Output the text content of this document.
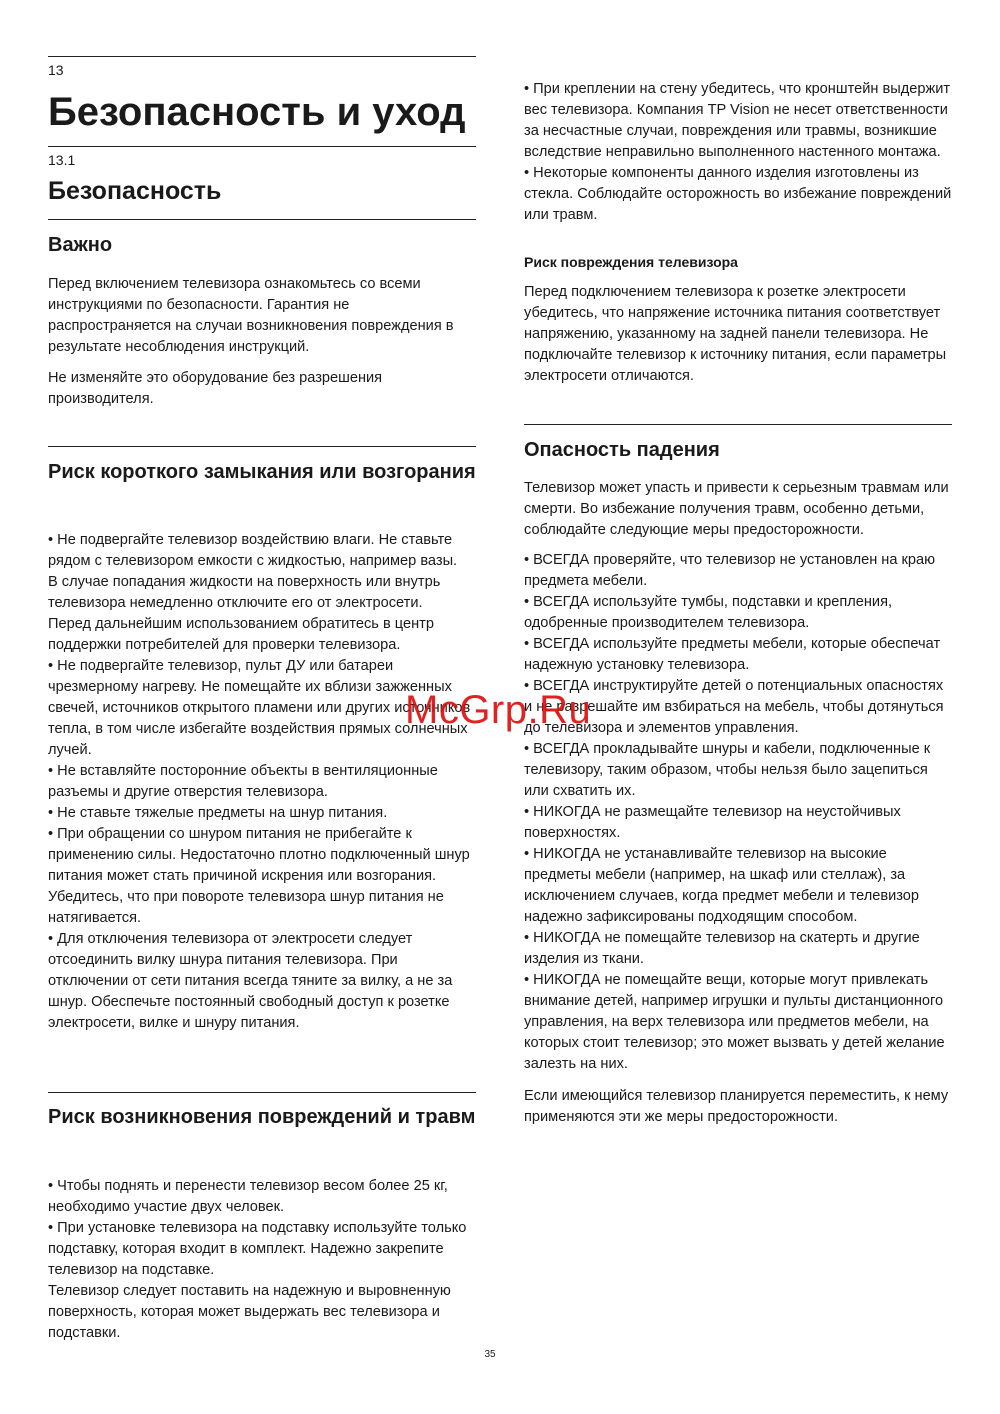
13
Безопасность и уход
13.1
Безопасность
Важно

Перед включением телевизора ознакомьтесь со всеми инструкциями по безопасности. Гарантия не распространяется на случаи возникновения повреждения в результате несоблюдения инструкций.

Не изменяйте это оборудование без разрешения производителя.

Риск короткого замыкания или возгорания

• Не подвергайте телевизор воздействию влаги. Не ставьте рядом с телевизором емкости с жидкостью, например вазы.
В случае попадания жидкости на поверхность или внутрь телевизора немедленно отключите его от электросети.
Перед дальнейшим использованием обратитесь в центр поддержки потребителей для проверки телевизора.
• Не подвергайте телевизор, пульт ДУ или батареи чрезмерному нагреву. Не помещайте их вблизи зажженных свечей, источников открытого пламени или других источников тепла, в том числе избегайте воздействия прямых солнечных лучей.
• Не вставляйте посторонние объекты в вентиляционные разъемы и другие отверстия телевизора.
• Не ставьте тяжелые предметы на шнур питания.
• При обращении со шнуром питания не прибегайте к применению силы. Недостаточно плотно подключенный шнур питания может стать причиной искрения или возгорания. Убедитесь, что при повороте телевизора шнур питания не натягивается.
• Для отключения телевизора от электросети следует отсоединить вилку шнура питания телевизора. При отключении от сети питания всегда тяните за вилку, а не за шнур. Обеспечьте постоянный свободный доступ к розетке электросети, вилке и шнуру питания.

Риск возникновения повреждений и травм

• Чтобы поднять и перенести телевизор весом более 25 кг, необходимо участие двух человек.
• При установке телевизора на подставку используйте только подставку, которая входит в комплект. Надежно закрепите телевизор на подставке.
Телевизор следует поставить на надежную и выровненную поверхность, которая может выдержать вес телевизора и подставки.

• При креплении на стену убедитесь, что кронштейн выдержит вес телевизора. Компания TP Vision не несет ответственности за несчастные случаи, повреждения или травмы, возникшие вследствие неправильно выполненного настенного монтажа.
• Некоторые компоненты данного изделия изготовлены из стекла. Соблюдайте осторожность во избежание повреждений или травм.

Риск повреждения телевизора

Перед подключением телевизора к розетке электросети убедитесь, что напряжение источника питания соответствует напряжению, указанному на задней панели телевизора. Не подключайте телевизор к источнику питания, если параметры электросети отличаются.

Опасность падения

Телевизор может упасть и привести к серьезным травмам или смерти. Во избежание получения травм, особенно детьми, соблюдайте следующие меры предосторожности.

• ВСЕГДА проверяйте, что телевизор не установлен на краю предмета мебели.
• ВСЕГДА используйте тумбы, подставки и крепления, одобренные производителем телевизора.
• ВСЕГДА используйте предметы мебели, которые обеспечат надежную установку телевизора.
• ВСЕГДА инструктируйте детей о потенциальных опасностях и не разрешайте им взбираться на мебель, чтобы дотянуться до телевизора и элементов управления.
• ВСЕГДА прокладывайте шнуры и кабели, подключенные к телевизору, таким образом, чтобы нельзя было зацепиться или схватить их.
• НИКОГДА не размещайте телевизор на неустойчивых поверхностях.
• НИКОГДА не устанавливайте телевизор на высокие предметы мебели (например, на шкаф или стеллаж), за исключением случаев, когда предмет мебели и телевизор надежно зафиксированы подходящим способом.
• НИКОГДА не помещайте телевизор на скатерть и другие изделия из ткани.
• НИКОГДА не помещайте вещи, которые могут привлекать внимание детей, например игрушки и пульты дистанционного управления, на верх телевизора или предметов мебели, на которых стоит телевизор; это может вызвать у детей желание залезть на них.

Если имеющийся телевизор планируется переместить, к нему применяются эти же меры предосторожности.

McGrp.Ru
35
